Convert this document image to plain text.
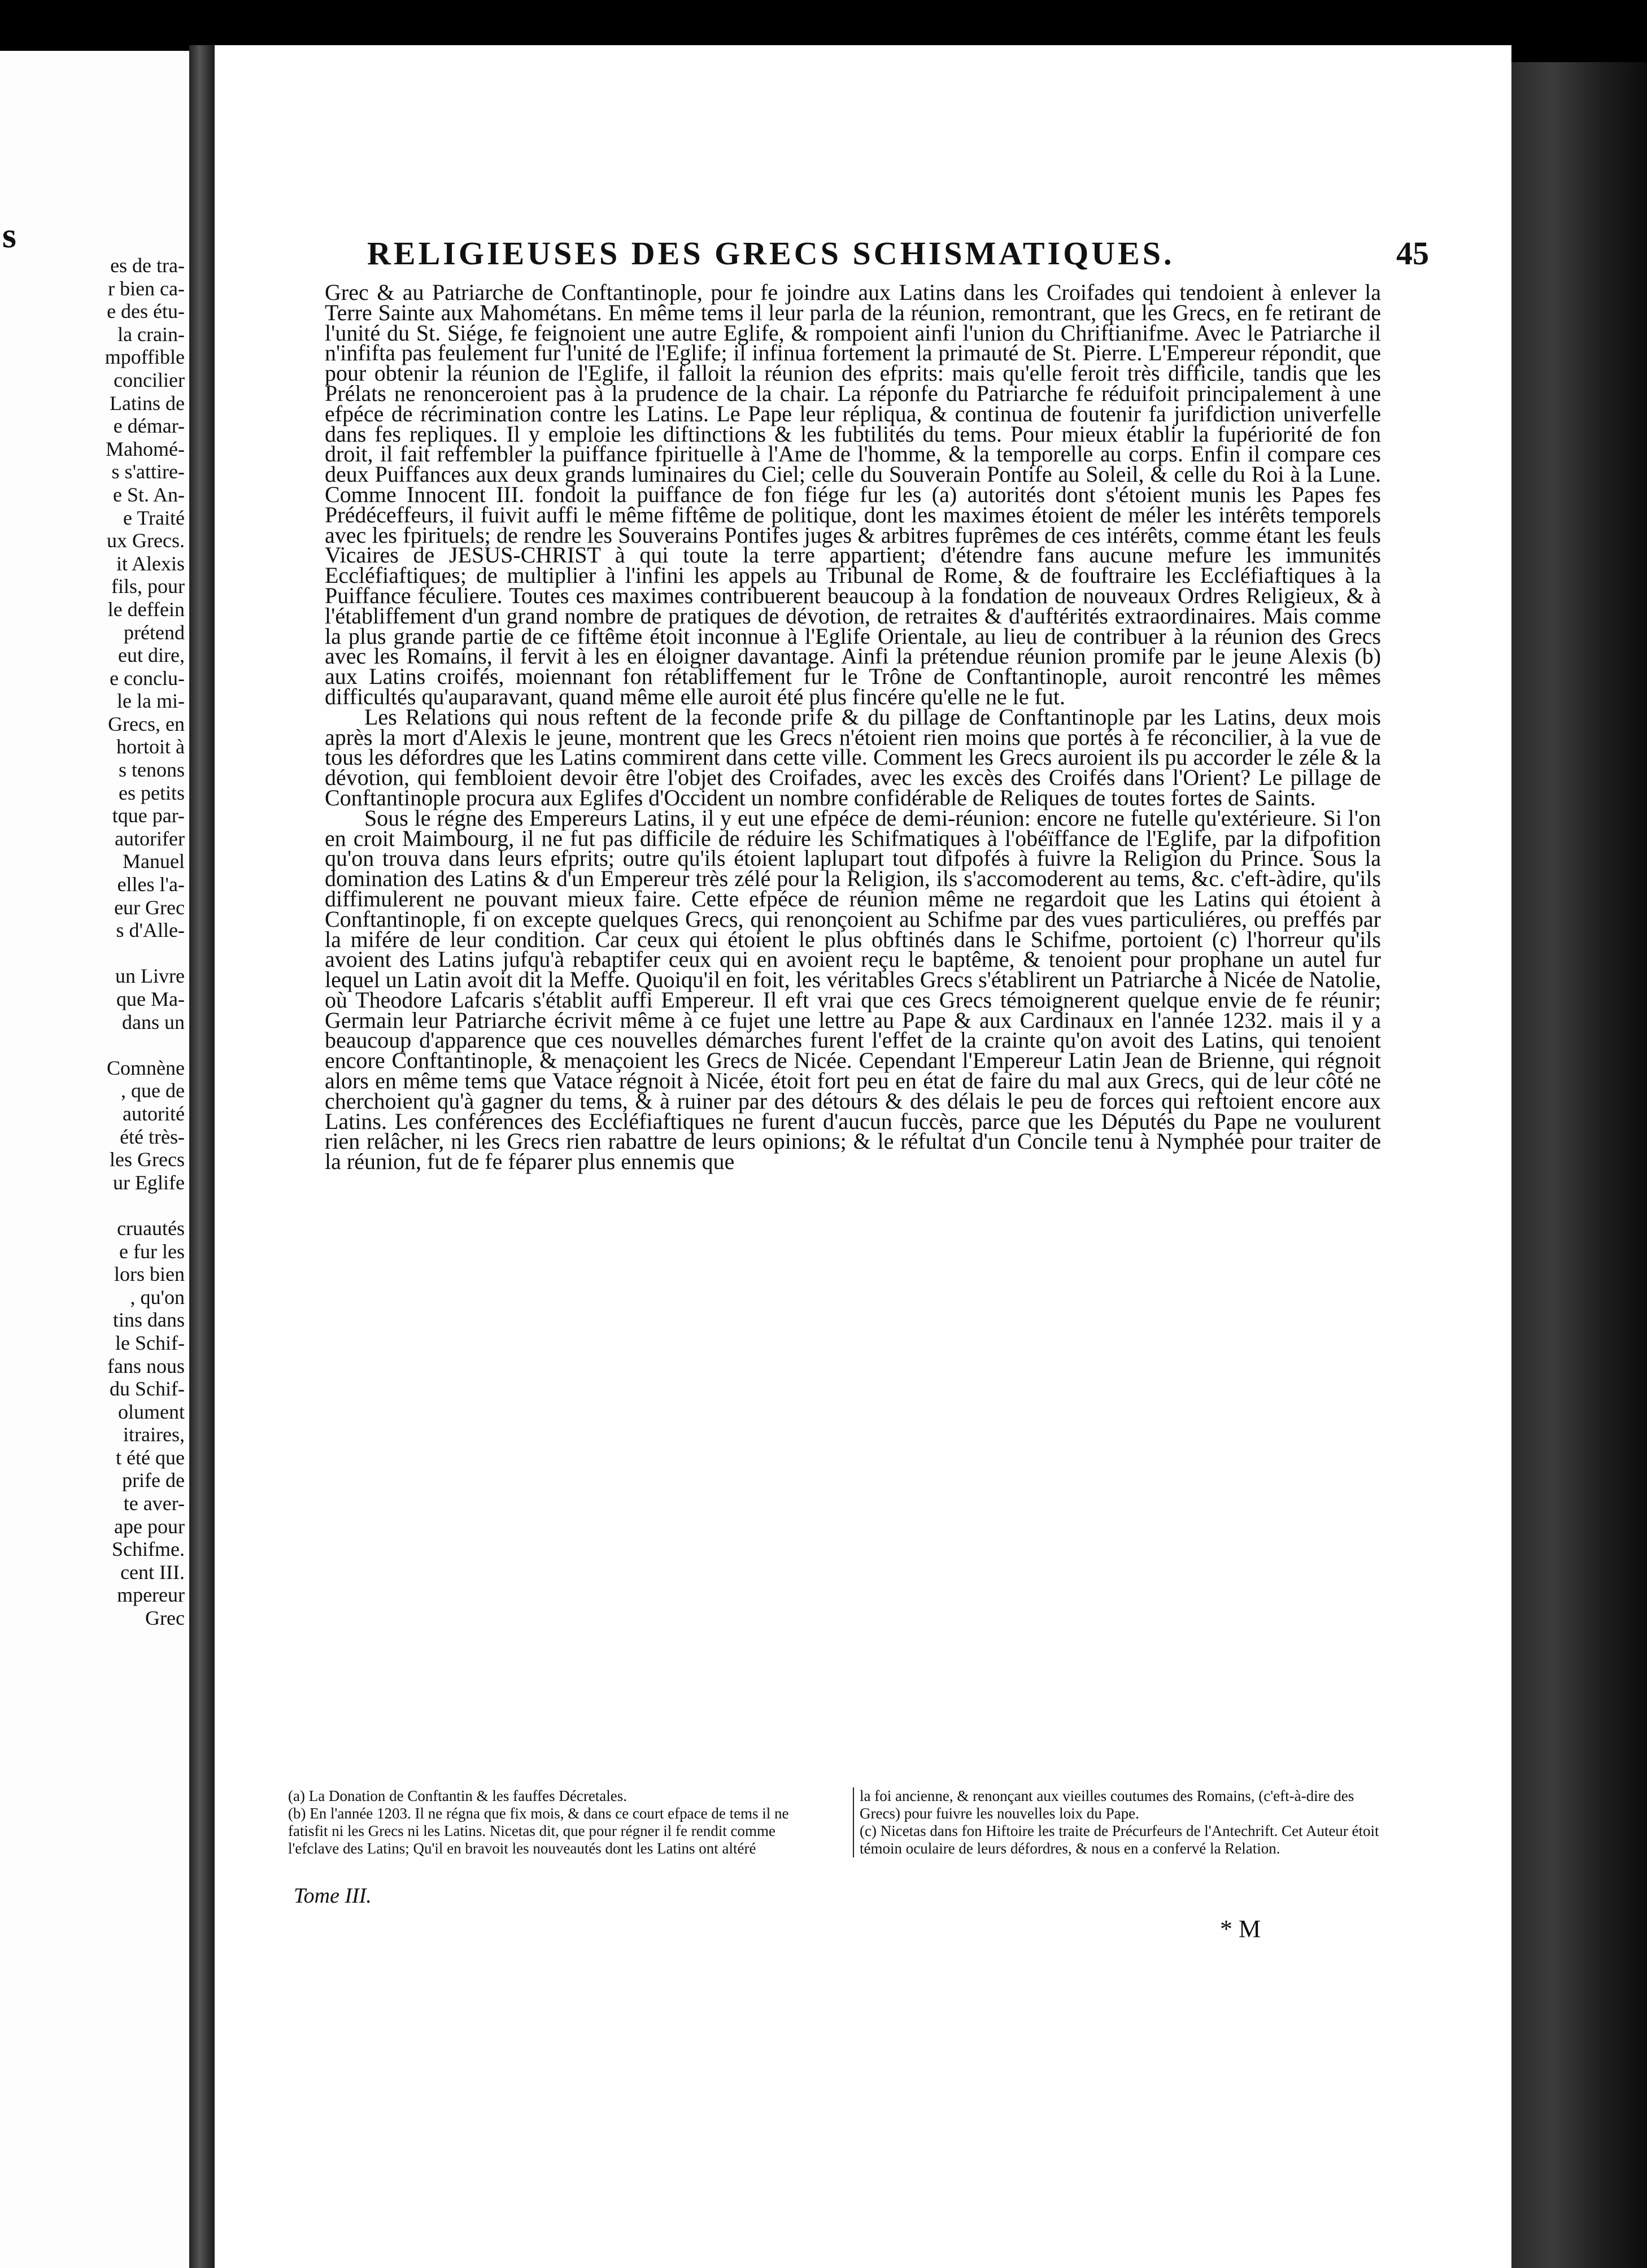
s
es de tra-
r bien ca-
e des étu-
la crain-
mpoffible
concilier
Latins de
e démar-
Mahomé-
s s'attire-
e St. An-
e Traité
ux Grecs.
it Alexis
fils, pour
le deffein
prétend
eut dire,
e conclu-
le la mi-
Grecs, en
hortoit à
s tenons
es petits
tque par-
autorifer
Manuel
elles l'a-
eur Grec
s d'Alle-
un Livre
que Ma-
dans un
Comnène
, que de
autorité
été très-
les Grecs
ur Eglife
cruautés
e fur les
lors bien
, qu'on
tins dans
le Schif-
fans nous
du Schif-
olument
itraires,
t été que
prife de
te aver-
ape pour
Schifme.
cent III.
mpereur
Grec
RELIGIEUSES DES GRECS SCHISMATIQUES.	45

Grec & au Patriarche de Conftantinople, pour fe joindre aux Latins dans les Croifades qui tendoient à enlever la Terre Sainte aux Mahométans. En même tems il leur parla de la réunion, remontrant, que les Grecs, en fe retirant de l'unité du St. Siége, fe feignoient une autre Eglife, & rompoient ainfi l'union du Chriftianifme. Avec le Patriarche il n'infifta pas feulement fur l'unité de l'Eglife; il infinua fortement la primauté de St. Pierre. L'Empereur répondit, que pour obtenir la réunion de l'Eglife, il falloit la réunion des efprits: mais qu'elle feroit très difficile, tandis que les Prélats ne renonceroient pas à la prudence de la chair. La réponfe du Patriarche fe réduifoit principalement à une efpéce de récrimination contre les Latins. Le Pape leur répliqua, & continua de foutenir fa jurifdiction univerfelle dans fes repliques. Il y emploie les diftinctions & les fubtilités du tems. Pour mieux établir la fupériorité de fon droit, il fait reffembler la puiffance fpirituelle à l'Ame de l'homme, & la temporelle au corps. Enfin il compare ces deux Puiffances aux deux grands luminaires du Ciel; celle du Souverain Pontife au Soleil, & celle du Roi à la Lune. Comme Innocent III. fondoit la puiffance de fon fiége fur les (a) autorités dont s'étoient munis les Papes fes Prédéceffeurs, il fuivit auffi le même fiftême de politique, dont les maximes étoient de méler les intérêts temporels avec les fpirituels; de rendre les Souverains Pontifes juges & arbitres fuprêmes de ces intérêts, comme étant les feuls Vicaires de JESUS-CHRIST à qui toute la terre appartient; d'étendre fans aucune mefure les immunités Eccléfiaftiques; de multiplier à l'infini les appels au Tribunal de Rome, & de fouftraire les Eccléfiaftiques à la Puiffance féculiere. Toutes ces maximes contribuerent beaucoup à la fondation de nouveaux Ordres Religieux, & à l'établiffement d'un grand nombre de pratiques de dévotion, de retraites & d'auftérités extraordinaires. Mais comme la plus grande partie de ce fiftême étoit inconnue à l'Eglife Orientale, au lieu de contribuer à la réunion des Grecs avec les Romains, il fervit à les en éloigner davantage. Ainfi la prétendue réunion promife par le jeune Alexis (b) aux Latins croifés, moiennant fon rétabliffement fur le Trône de Conftantinople, auroit rencontré les mêmes difficultés qu'auparavant, quand même elle auroit été plus fincére qu'elle ne le fut.

Les Relations qui nous reftent de la feconde prife & du pillage de Conftantinople par les Latins, deux mois après la mort d'Alexis le jeune, montrent que les Grecs n'étoient rien moins que portés à fe réconcilier, à la vue de tous les défordres que les Latins commirent dans cette ville. Comment les Grecs auroient ils pu accorder le zéle & la dévotion, qui fembloient devoir être l'objet des Croifades, avec les excès des Croifés dans l'Orient? Le pillage de Conftantinople procura aux Eglifes d'Occident un nombre confidérable de Reliques de toutes fortes de Saints.

Sous le régne des Empereurs Latins, il y eut une efpéce de demi-réunion: encore ne futelle qu'extérieure. Si l'on en croit Maimbourg, il ne fut pas difficile de réduire les Schifmatiques à l'obéïffance de l'Eglife, par la difpofition qu'on trouva dans leurs efprits; outre qu'ils étoient laplupart tout difpofés à fuivre la Religion du Prince. Sous la domination des Latins & d'un Empereur très zélé pour la Religion, ils s'accomoderent au tems, &c. c'eft-àdire, qu'ils diffimulerent ne pouvant mieux faire. Cette efpéce de réunion même ne regardoit que les Latins qui étoient à Conftantinople, fi on excepte quelques Grecs, qui renonçoient au Schifme par des vues particuliéres, ou preffés par la mifére de leur condition. Car ceux qui étoient le plus obftinés dans le Schifme, portoient (c) l'horreur qu'ils avoient des Latins jufqu'à rebaptifer ceux qui en avoient reçu le baptême, & tenoient pour prophane un autel fur lequel un Latin avoit dit la Meffe. Quoiqu'il en foit, les véritables Grecs s'établirent un Patriarche à Nicée de Natolie, où Theodore Lafcaris s'établit auffi Empereur. Il eft vrai que ces Grecs témoignerent quelque envie de fe réunir; Germain leur Patriarche écrivit même à ce fujet une lettre au Pape & aux Cardinaux en l'année 1232. mais il y a beaucoup d'apparence que ces nouvelles démarches furent l'effet de la crainte qu'on avoit des Latins, qui tenoient encore Conftantinople, & menaçoient les Grecs de Nicée. Cependant l'Empereur Latin Jean de Brienne, qui régnoit alors en même tems que Vatace régnoit à Nicée, étoit fort peu en état de faire du mal aux Grecs, qui de leur côté ne cherchoient qu'à gagner du tems, & à ruiner par des détours & des délais le peu de forces qui reftoient encore aux Latins. Les conférences des Eccléfiaftiques ne furent d'aucun fuccès, parce que les Députés du Pape ne voulurent rien relâcher, ni les Grecs rien rabattre de leurs opinions; & le réfultat d'un Concile tenu à Nymphée pour traiter de la réunion, fut de fe féparer plus ennemis que

(a) La Donation de Conftantin & les fauffes Décretales.

(b) En l'année 1203. Il ne régna que fix mois, & dans ce court efpace de tems il ne fatisfit ni les Grecs ni les Latins. Nicetas dit, que pour régner il fe rendit comme l'efclave des Latins; Qu'il en bravoit les nouveautés dont les Latins ont altéré

la foi ancienne, & renonçant aux vieilles coutumes des Romains, (c'eft-à-dire des Grecs) pour fuivre les nouvelles loix du Pape.

(c) Nicetas dans fon Hiftoire les traite de Précurfeurs de l'Antechrift. Cet Auteur étoit témoin oculaire de leurs défordres, & nous en a confervé la Relation.

Tome III.
* M
